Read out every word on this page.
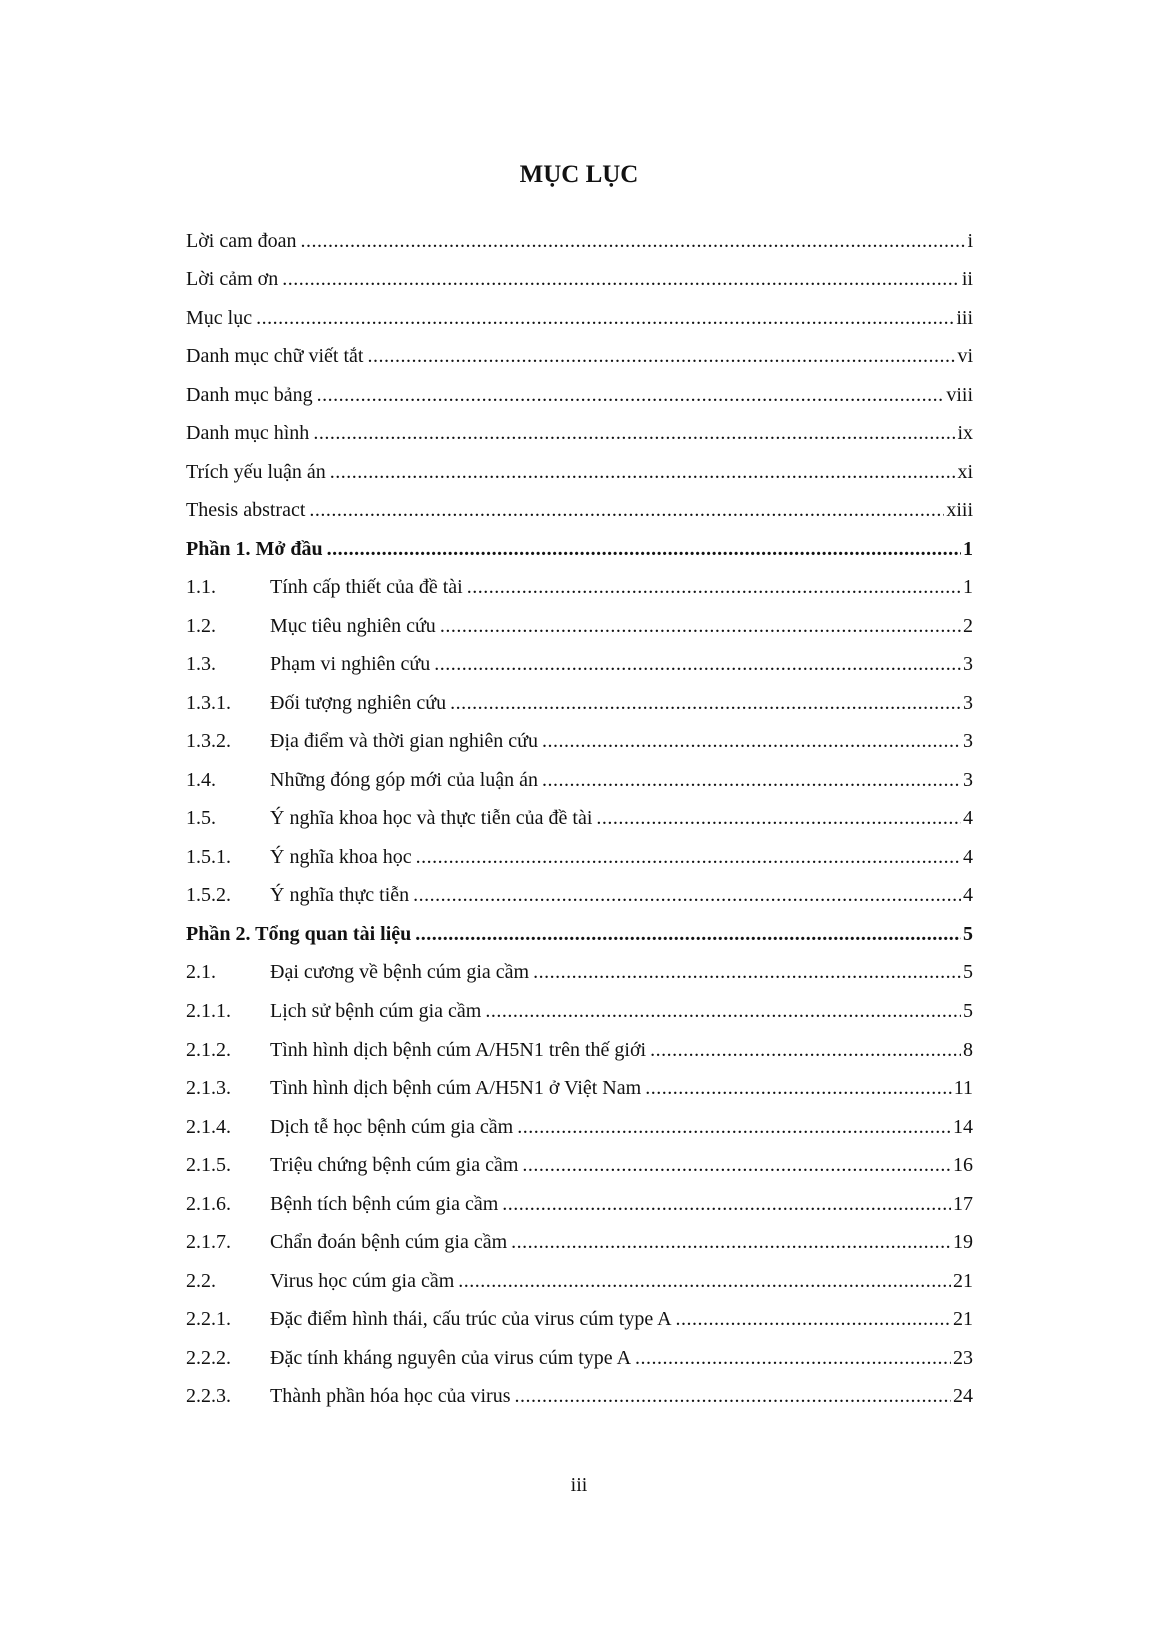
MỤC LỤC
Lời cam đoan .....	i
Lời cảm ơn .....	ii
Mục lục .....	iii
Danh mục chữ viết tắt .....	vi
Danh mục bảng .....	viii
Danh mục hình .....	ix
Trích yếu luận án .....	xi
Thesis abstract .....	xiii
Phần 1. Mở đầu .....	1
1.1.	Tính cấp thiết của đề tài .....	1
1.2.	Mục tiêu nghiên cứu .....	2
1.3.	Phạm vi nghiên cứu .....	3
1.3.1.	Đối tượng nghiên cứu .....	3
1.3.2.	Địa điểm và thời gian nghiên cứu .....	3
1.4.	Những đóng góp mới của luận án .....	3
1.5.	Ý nghĩa khoa học và thực tiễn của đề tài .....	4
1.5.1.	Ý nghĩa khoa học .....	4
1.5.2.	Ý nghĩa thực tiễn .....	4
Phần 2. Tổng quan tài liệu .....	5
2.1.	Đại cương về bệnh cúm gia cầm .....	5
2.1.1.	Lịch sử bệnh cúm gia cầm .....	5
2.1.2.	Tình hình dịch bệnh cúm A/H5N1 trên thế giới .....	8
2.1.3.	Tình hình dịch bệnh cúm A/H5N1 ở Việt Nam .....	11
2.1.4.	Dịch tễ học bệnh cúm gia cầm .....	14
2.1.5.	Triệu chứng bệnh cúm gia cầm .....	16
2.1.6.	Bệnh tích bệnh cúm gia cầm .....	17
2.1.7.	Chẩn đoán bệnh cúm gia cầm .....	19
2.2.	Virus học cúm gia cầm .....	21
2.2.1.	Đặc điểm hình thái, cấu trúc của virus cúm type A .....	21
2.2.2.	Đặc tính kháng nguyên của virus cúm type A .....	23
2.2.3.	Thành phần hóa học của virus .....	24
iii
